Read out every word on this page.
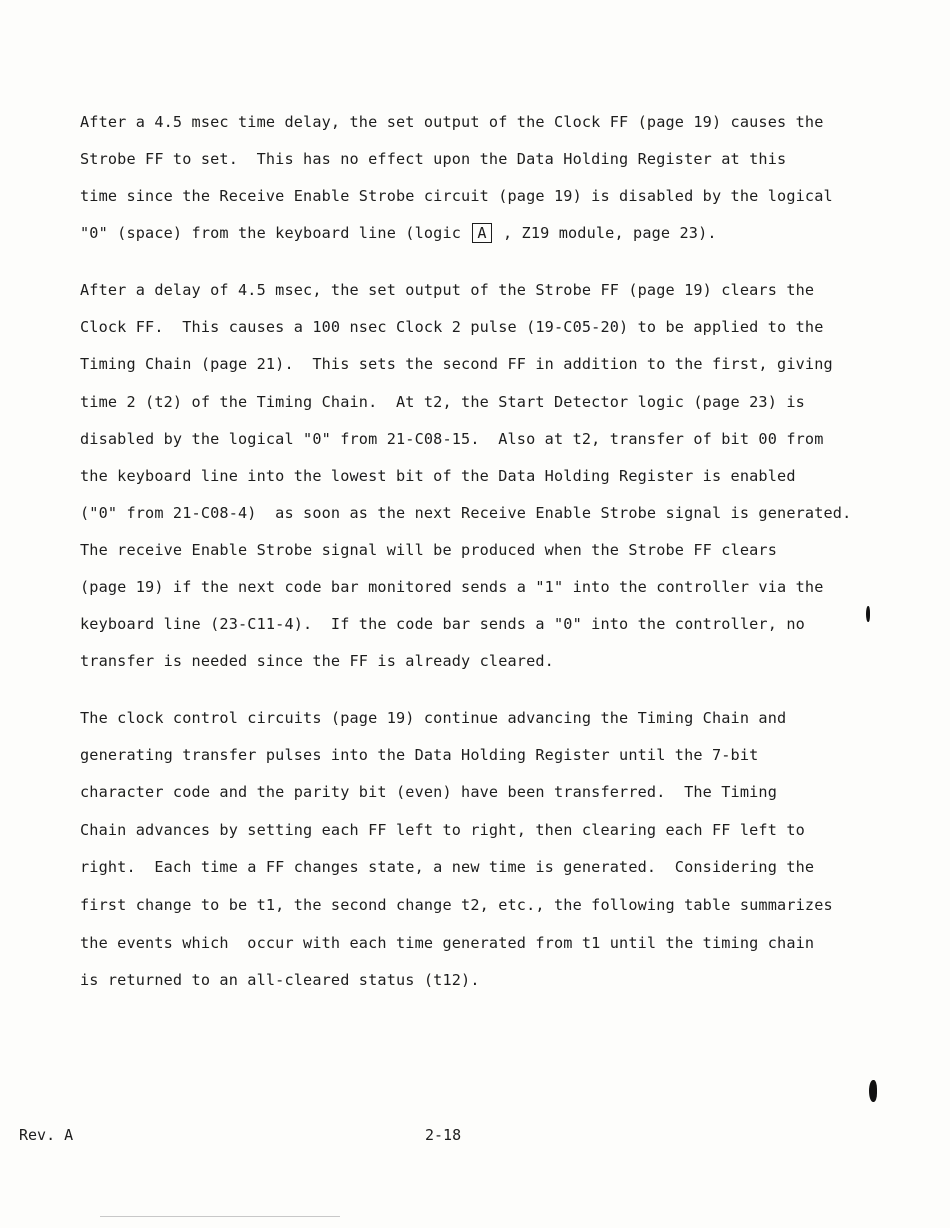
After a 4.5 msec time delay, the set output of the Clock FF (page 19) causes the
Strobe FF to set.  This has no effect upon the Data Holding Register at this
time since the Receive Enable Strobe circuit (page 19) is disabled by the logical
"0" (space) from the keyboard line (logic A , Z19 module, page 23).
After a delay of 4.5 msec, the set output of the Strobe FF (page 19) clears the
Clock FF.  This causes a 100 nsec Clock 2 pulse (19-C05-20) to be applied to the
Timing Chain (page 21).  This sets the second FF in addition to the first, giving
time 2 (t2) of the Timing Chain.  At t2, the Start Detector logic (page 23) is
disabled by the logical "0" from 21-C08-15.  Also at t2, transfer of bit 00 from
the keyboard line into the lowest bit of the Data Holding Register is enabled
("0" from 21-C08-4)  as soon as the next Receive Enable Strobe signal is generated.
The receive Enable Strobe signal will be produced when the Strobe FF clears
(page 19) if the next code bar monitored sends a "1" into the controller via the
keyboard line (23-C11-4).  If the code bar sends a "0" into the controller, no
transfer is needed since the FF is already cleared.
The clock control circuits (page 19) continue advancing the Timing Chain and
generating transfer pulses into the Data Holding Register until the 7-bit
character code and the parity bit (even) have been transferred.  The Timing
Chain advances by setting each FF left to right, then clearing each FF left to
right.  Each time a FF changes state, a new time is generated.  Considering the
first change to be t1, the second change t2, etc., the following table summarizes
the events which  occur with each time generated from t1 until the timing chain
is returned to an all-cleared status (t12).
Rev. A	2-18
